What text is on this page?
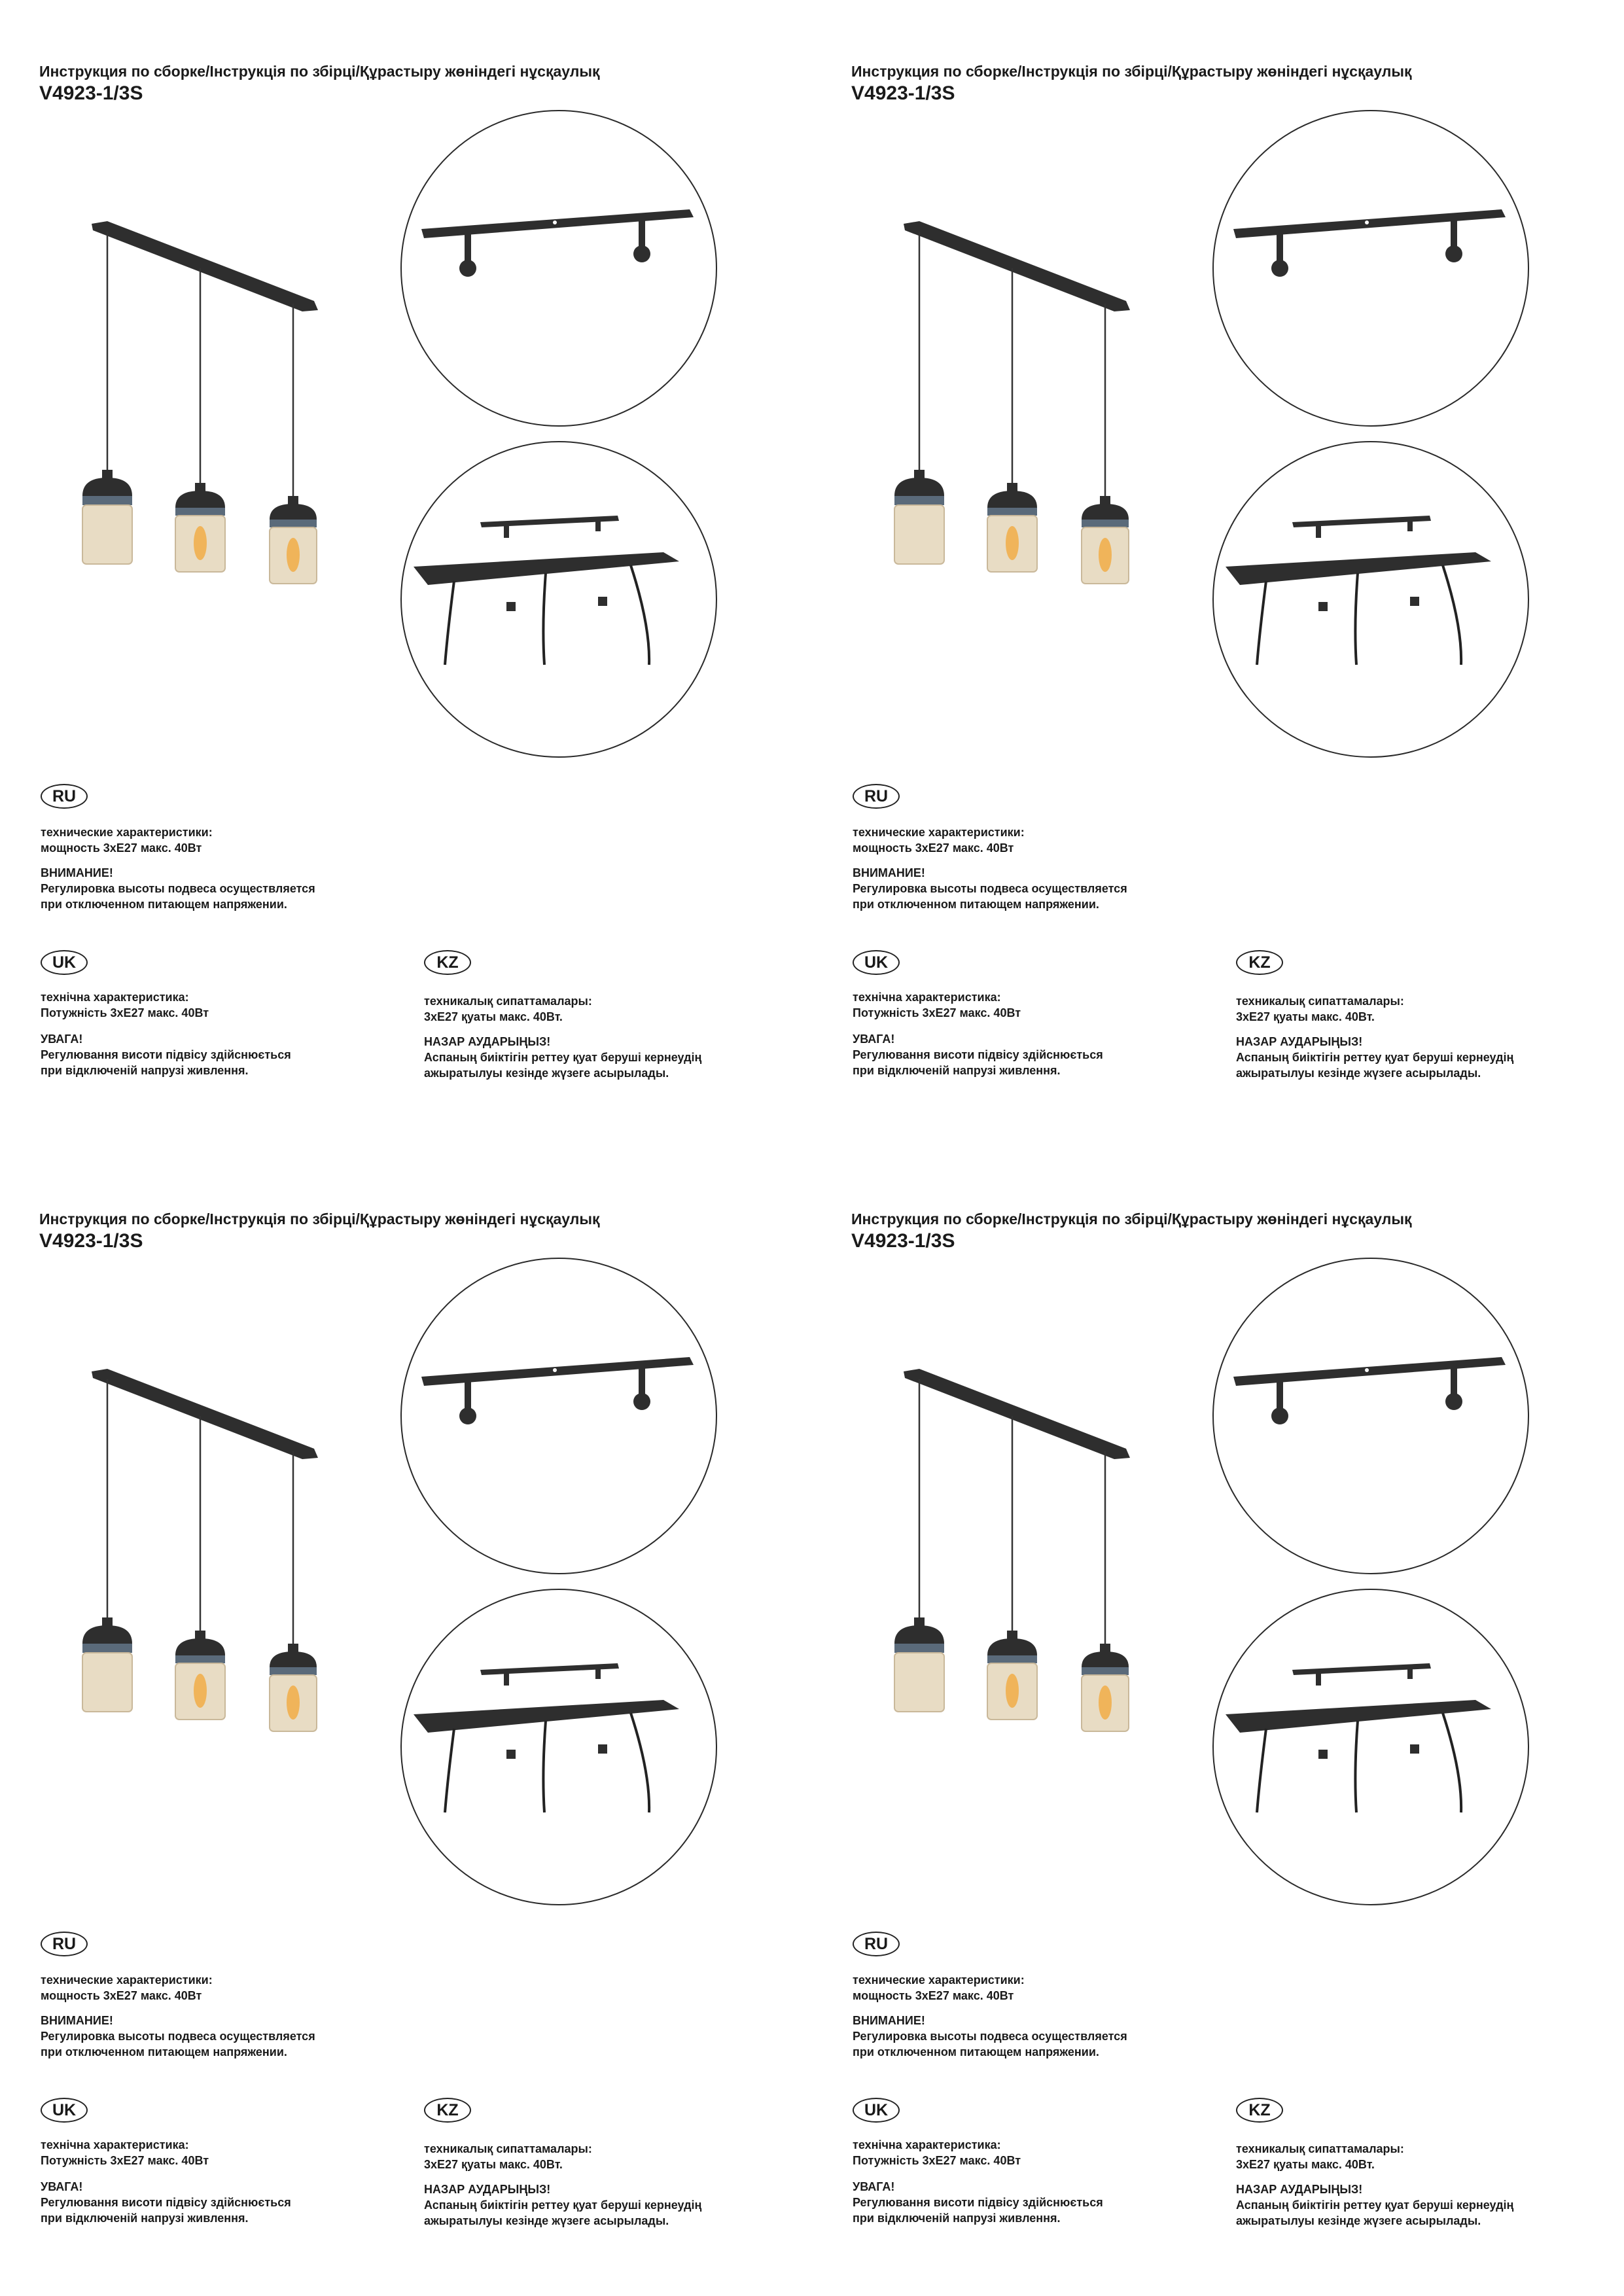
Инструкция по сборке/Інструкція по збірці/Құрастыру жөніндегі нұсқаулық
V4923-1/3S
RU
технические характеристики:
мощность 3хE27 макс. 40Вт
ВНИМАНИЕ!
Регулировка высоты подвеса осуществляется
при отключенном питающем напряжении.
UK
технічна характеристика:
Потужність 3хE27 макс. 40Вт
УВАГА!
Регулювання висоти підвісу здійснюється
при відключеній напрузі живлення.
KZ
техникалық сипаттамалары:
3хE27 қуаты макс. 40Вт.
НАЗАР АУДАРЫҢЫЗ!
Аспаның биіктігін реттеу қуат беруші кернеудің
ажыратылуы кезінде жүзеге асырылады.
Инструкция по сборке/Інструкція по збірці/Құрастыру жөніндегі нұсқаулық
V4923-1/3S
RU
технические характеристики:
мощность 3хE27 макс. 40Вт
ВНИМАНИЕ!
Регулировка высоты подвеса осуществляется
при отключенном питающем напряжении.
UK
технічна характеристика:
Потужність 3хE27 макс. 40Вт
УВАГА!
Регулювання висоти підвісу здійснюється
при відключеній напрузі живлення.
KZ
техникалық сипаттамалары:
3хE27 қуаты макс. 40Вт.
НАЗАР АУДАРЫҢЫЗ!
Аспаның биіктігін реттеу қуат беруші кернеудің
ажыратылуы кезінде жүзеге асырылады.
Инструкция по сборке/Інструкція по збірці/Құрастыру жөніндегі нұсқаулық
V4923-1/3S
RU
технические характеристики:
мощность 3хE27 макс. 40Вт
ВНИМАНИЕ!
Регулировка высоты подвеса осуществляется
при отключенном питающем напряжении.
UK
технічна характеристика:
Потужність 3хE27 макс. 40Вт
УВАГА!
Регулювання висоти підвісу здійснюється
при відключеній напрузі живлення.
KZ
техникалық сипаттамалары:
3хE27 қуаты макс. 40Вт.
НАЗАР АУДАРЫҢЫЗ!
Аспаның биіктігін реттеу қуат беруші кернеудің
ажыратылуы кезінде жүзеге асырылады.
Инструкция по сборке/Інструкція по збірці/Құрастыру жөніндегі нұсқаулық
V4923-1/3S
RU
технические характеристики:
мощность 3хE27 макс. 40Вт
ВНИМАНИЕ!
Регулировка высоты подвеса осуществляется
при отключенном питающем напряжении.
UK
технічна характеристика:
Потужність 3хE27 макс. 40Вт
УВАГА!
Регулювання висоти підвісу здійснюється
при відключеній напрузі живлення.
KZ
техникалық сипаттамалары:
3хE27 қуаты макс. 40Вт.
НАЗАР АУДАРЫҢЫЗ!
Аспаның биіктігін реттеу қуат беруші кернеудің
ажыратылуы кезінде жүзеге асырылады.
